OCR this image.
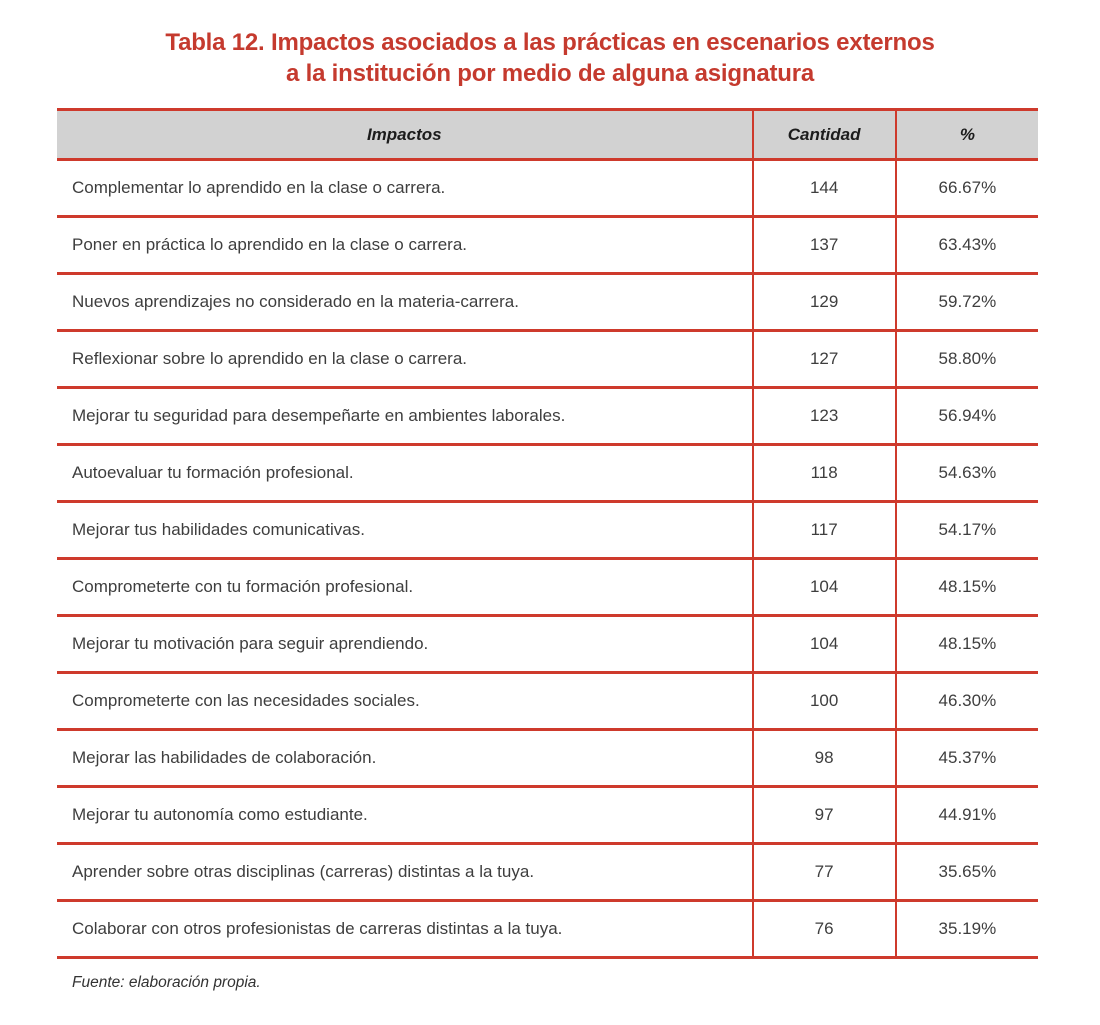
Tabla 12. Impactos asociados a las prácticas en escenarios externos
a la institución por medio de alguna asignatura
Impactos	Cantidad	%
Complementar lo aprendido en la clase o carrera.	144	66.67%
Poner en práctica lo aprendido en la clase o carrera.	137	63.43%
Nuevos aprendizajes no considerado en la materia-carrera.	129	59.72%
Reflexionar sobre lo aprendido en la clase o carrera.	127	58.80%
Mejorar tu seguridad para desempeñarte en ambientes laborales.	123	56.94%
Autoevaluar tu formación profesional.	118	54.63%
Mejorar tus habilidades comunicativas.	117	54.17%
Comprometerte con tu formación profesional.	104	48.15%
Mejorar tu motivación para seguir aprendiendo.	104	48.15%
Comprometerte con las necesidades sociales.	100	46.30%
Mejorar las habilidades de colaboración.	98	45.37%
Mejorar tu autonomía como estudiante.	97	44.91%
Aprender sobre otras disciplinas (carreras) distintas a la tuya.	77	35.65%
Colaborar con otros profesionistas de carreras distintas a la tuya.	76	35.19%
Fuente: elaboración propia.
